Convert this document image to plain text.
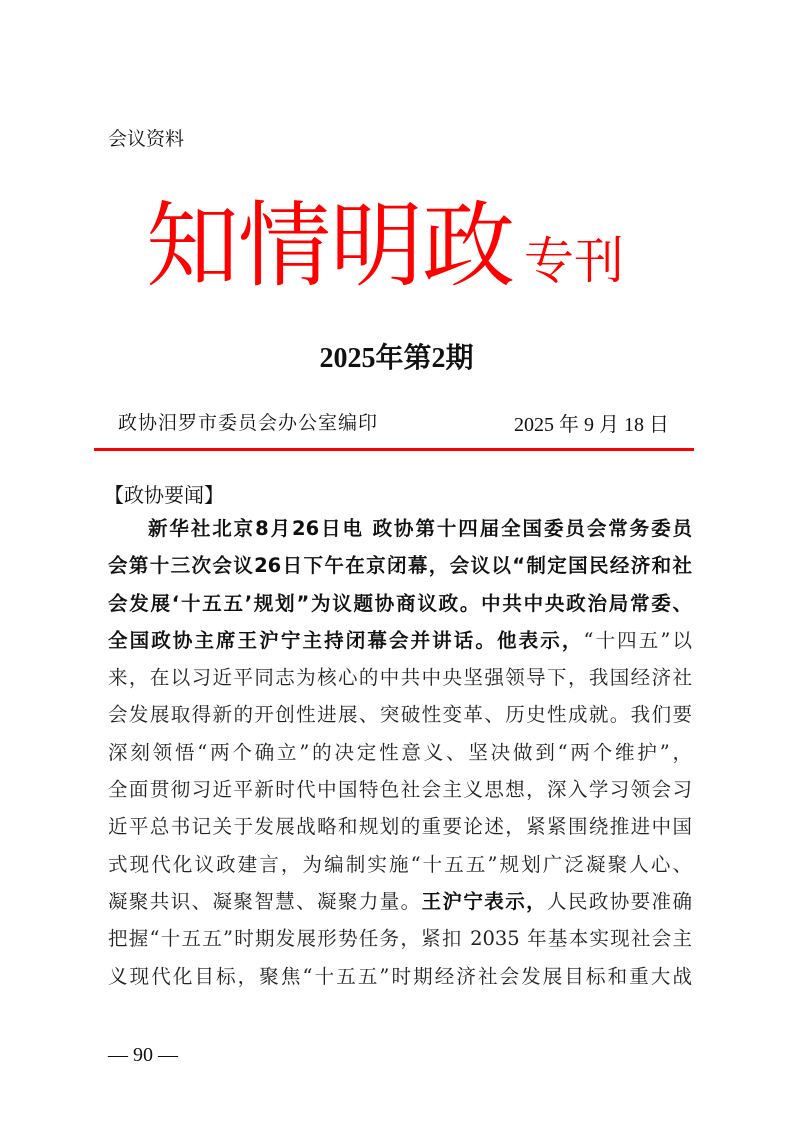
会议资料
知情明政 专刊
2025年第2期
政协汨罗市委员会办公室编印	2025 年 9 月 18 日
【政协要闻】
新华社北京8月26日电 政协第十四届全国委员会常务委员
会第十三次会议26日下午在京闭幕，会议以“制定国民经济和社
会发展‘十五五’规划”为议题协商议政。中共中央政治局常委、
全国政协主席王沪宁主持闭幕会并讲话。他表示，“十四五”以
来，在以习近平同志为核心的中共中央坚强领导下，我国经济社
会发展取得新的开创性进展、突破性变革、历史性成就。我们要
深刻领悟“两个确立”的决定性意义、坚决做到“两个维护”，
全面贯彻习近平新时代中国特色社会主义思想，深入学习领会习
近平总书记关于发展战略和规划的重要论述，紧紧围绕推进中国
式现代化议政建言，为编制实施“十五五”规划广泛凝聚人心、
凝聚共识、凝聚智慧、凝聚力量。王沪宁表示，人民政协要准确
把握“十五五”时期发展形势任务，紧扣 2035 年基本实现社会主
义现代化目标，聚焦“十五五”时期经济社会发展目标和重大战
— 90 —
